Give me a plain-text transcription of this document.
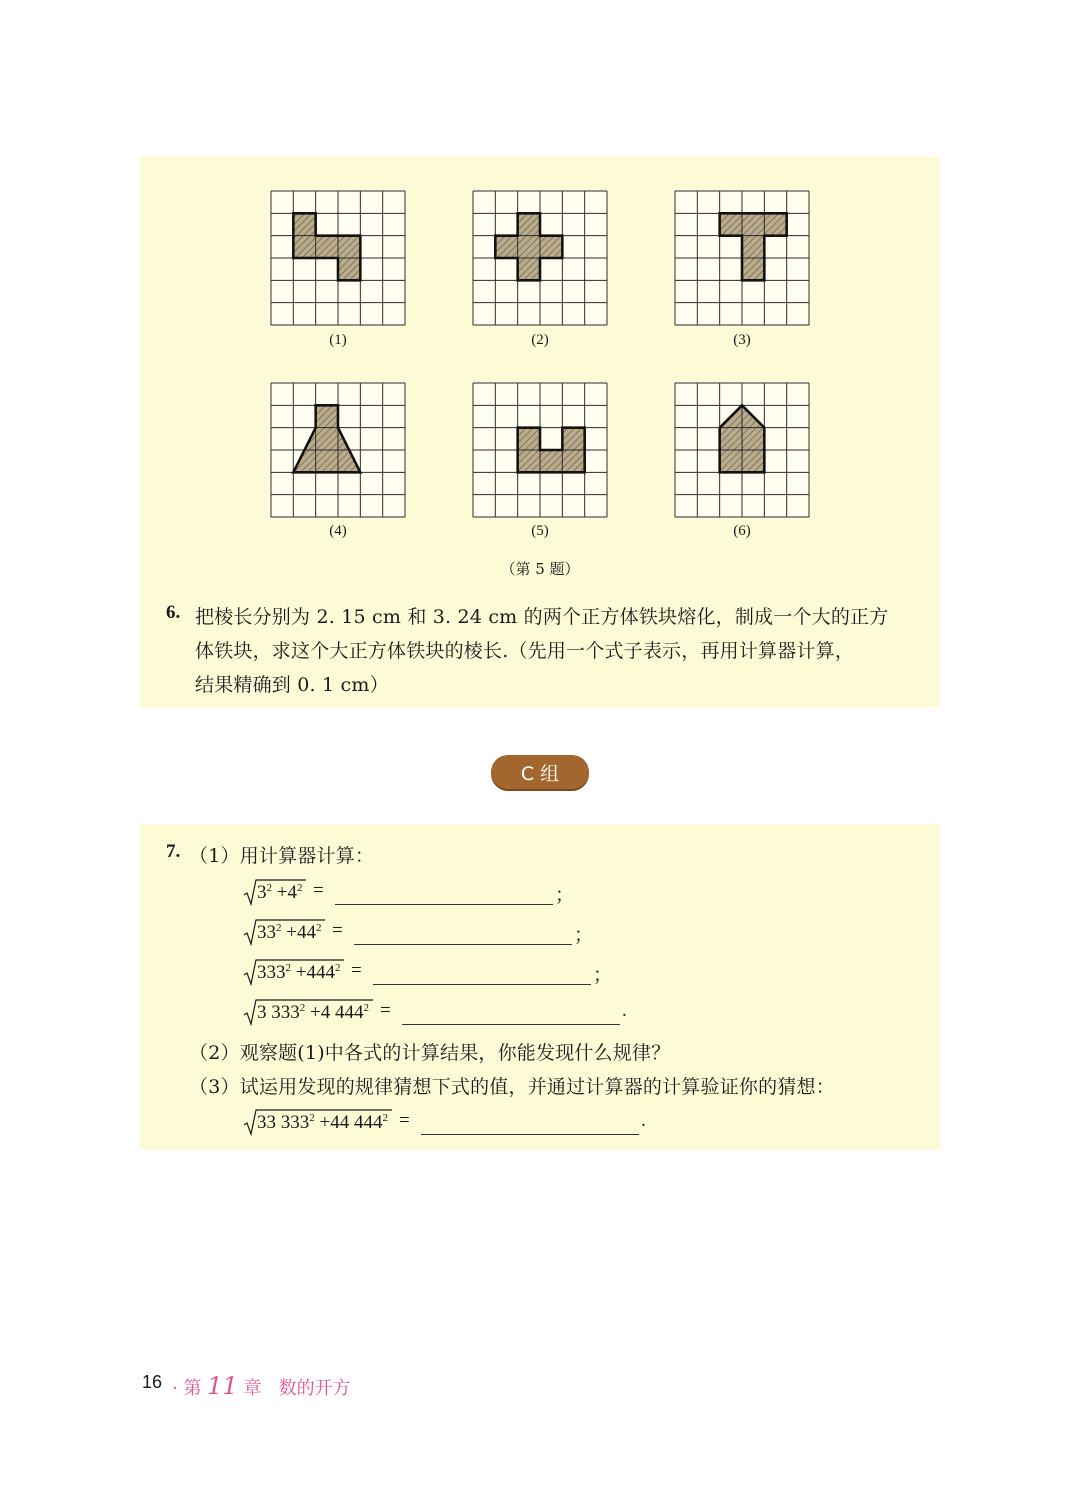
(1)	(2)	(3)
(4)	(5)	(6)
（第 5 题）
6. 把棱长分别为 2. 15 cm 和 3. 24 cm 的两个正方体铁块熔化，制成一个大的正方
体铁块，求这个大正方体铁块的棱长.（先用一个式子表示，再用计算器计算，
结果精确到 0. 1 cm）
C 组
7. （1）用计算器计算：
$3^2 +4^2$ =	；
$33^2 +44^2$ =	；
$333^2 +444^2$ =	；
3 $333^2 +4$ $444^2$ =	.
（2）观察题(1)中各式的计算结果，你能发现什么规律？
（3）试运用发现的规律猜想下式的值，并通过计算器的计算验证你的猜想：
33 $333^2 +44$ $444^2$ =	.
16 · 第 11 章 数的开方
